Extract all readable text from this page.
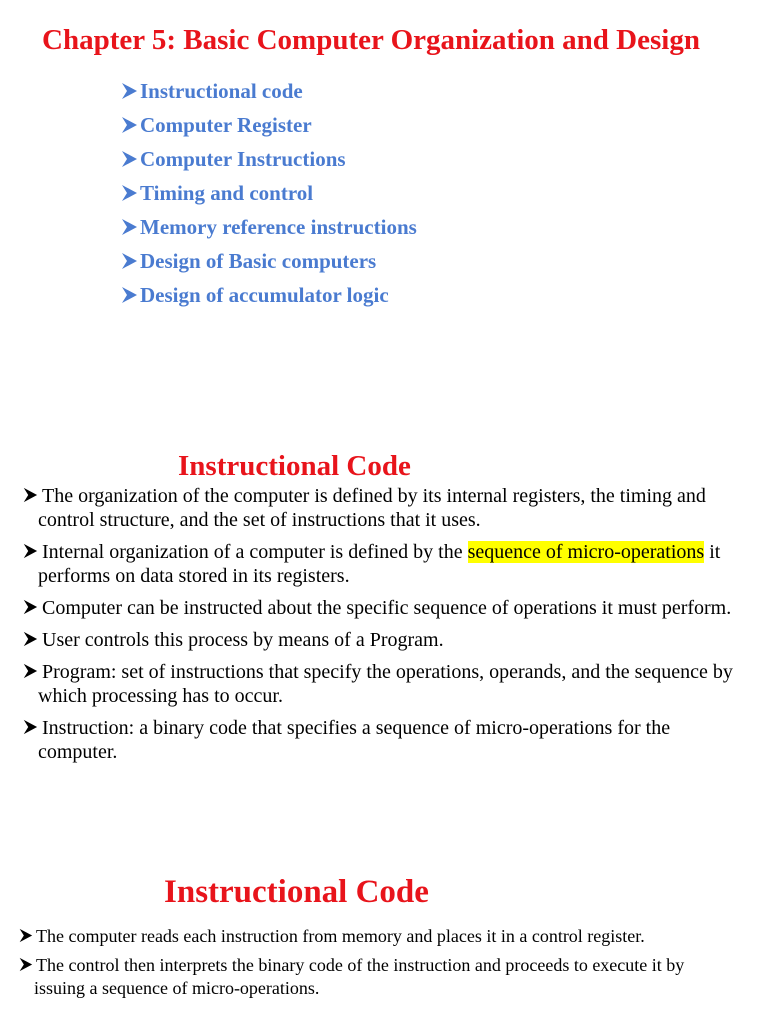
Chapter 5: Basic Computer Organization and Design
Instructional code
Computer Register
Computer Instructions
Timing and control
Memory reference instructions
Design of Basic computers
Design of accumulator logic
Instructional Code
The organization of the computer is defined by its internal registers, the timing and control structure, and the set of instructions that it uses.
Internal organization of a computer is defined by the sequence of micro-operations it performs on data stored in its registers.
Computer can be instructed about the specific sequence of operations it must perform.
User controls this process by means of a Program.
Program: set of instructions that specify the operations, operands, and the sequence by which processing has to occur.
Instruction: a binary code that specifies a sequence of micro-operations for the computer.
Instructional Code
The computer reads each instruction from memory and places it in a control register.
The control then interprets the binary code of the instruction and proceeds to execute it by issuing a sequence of micro-operations.
